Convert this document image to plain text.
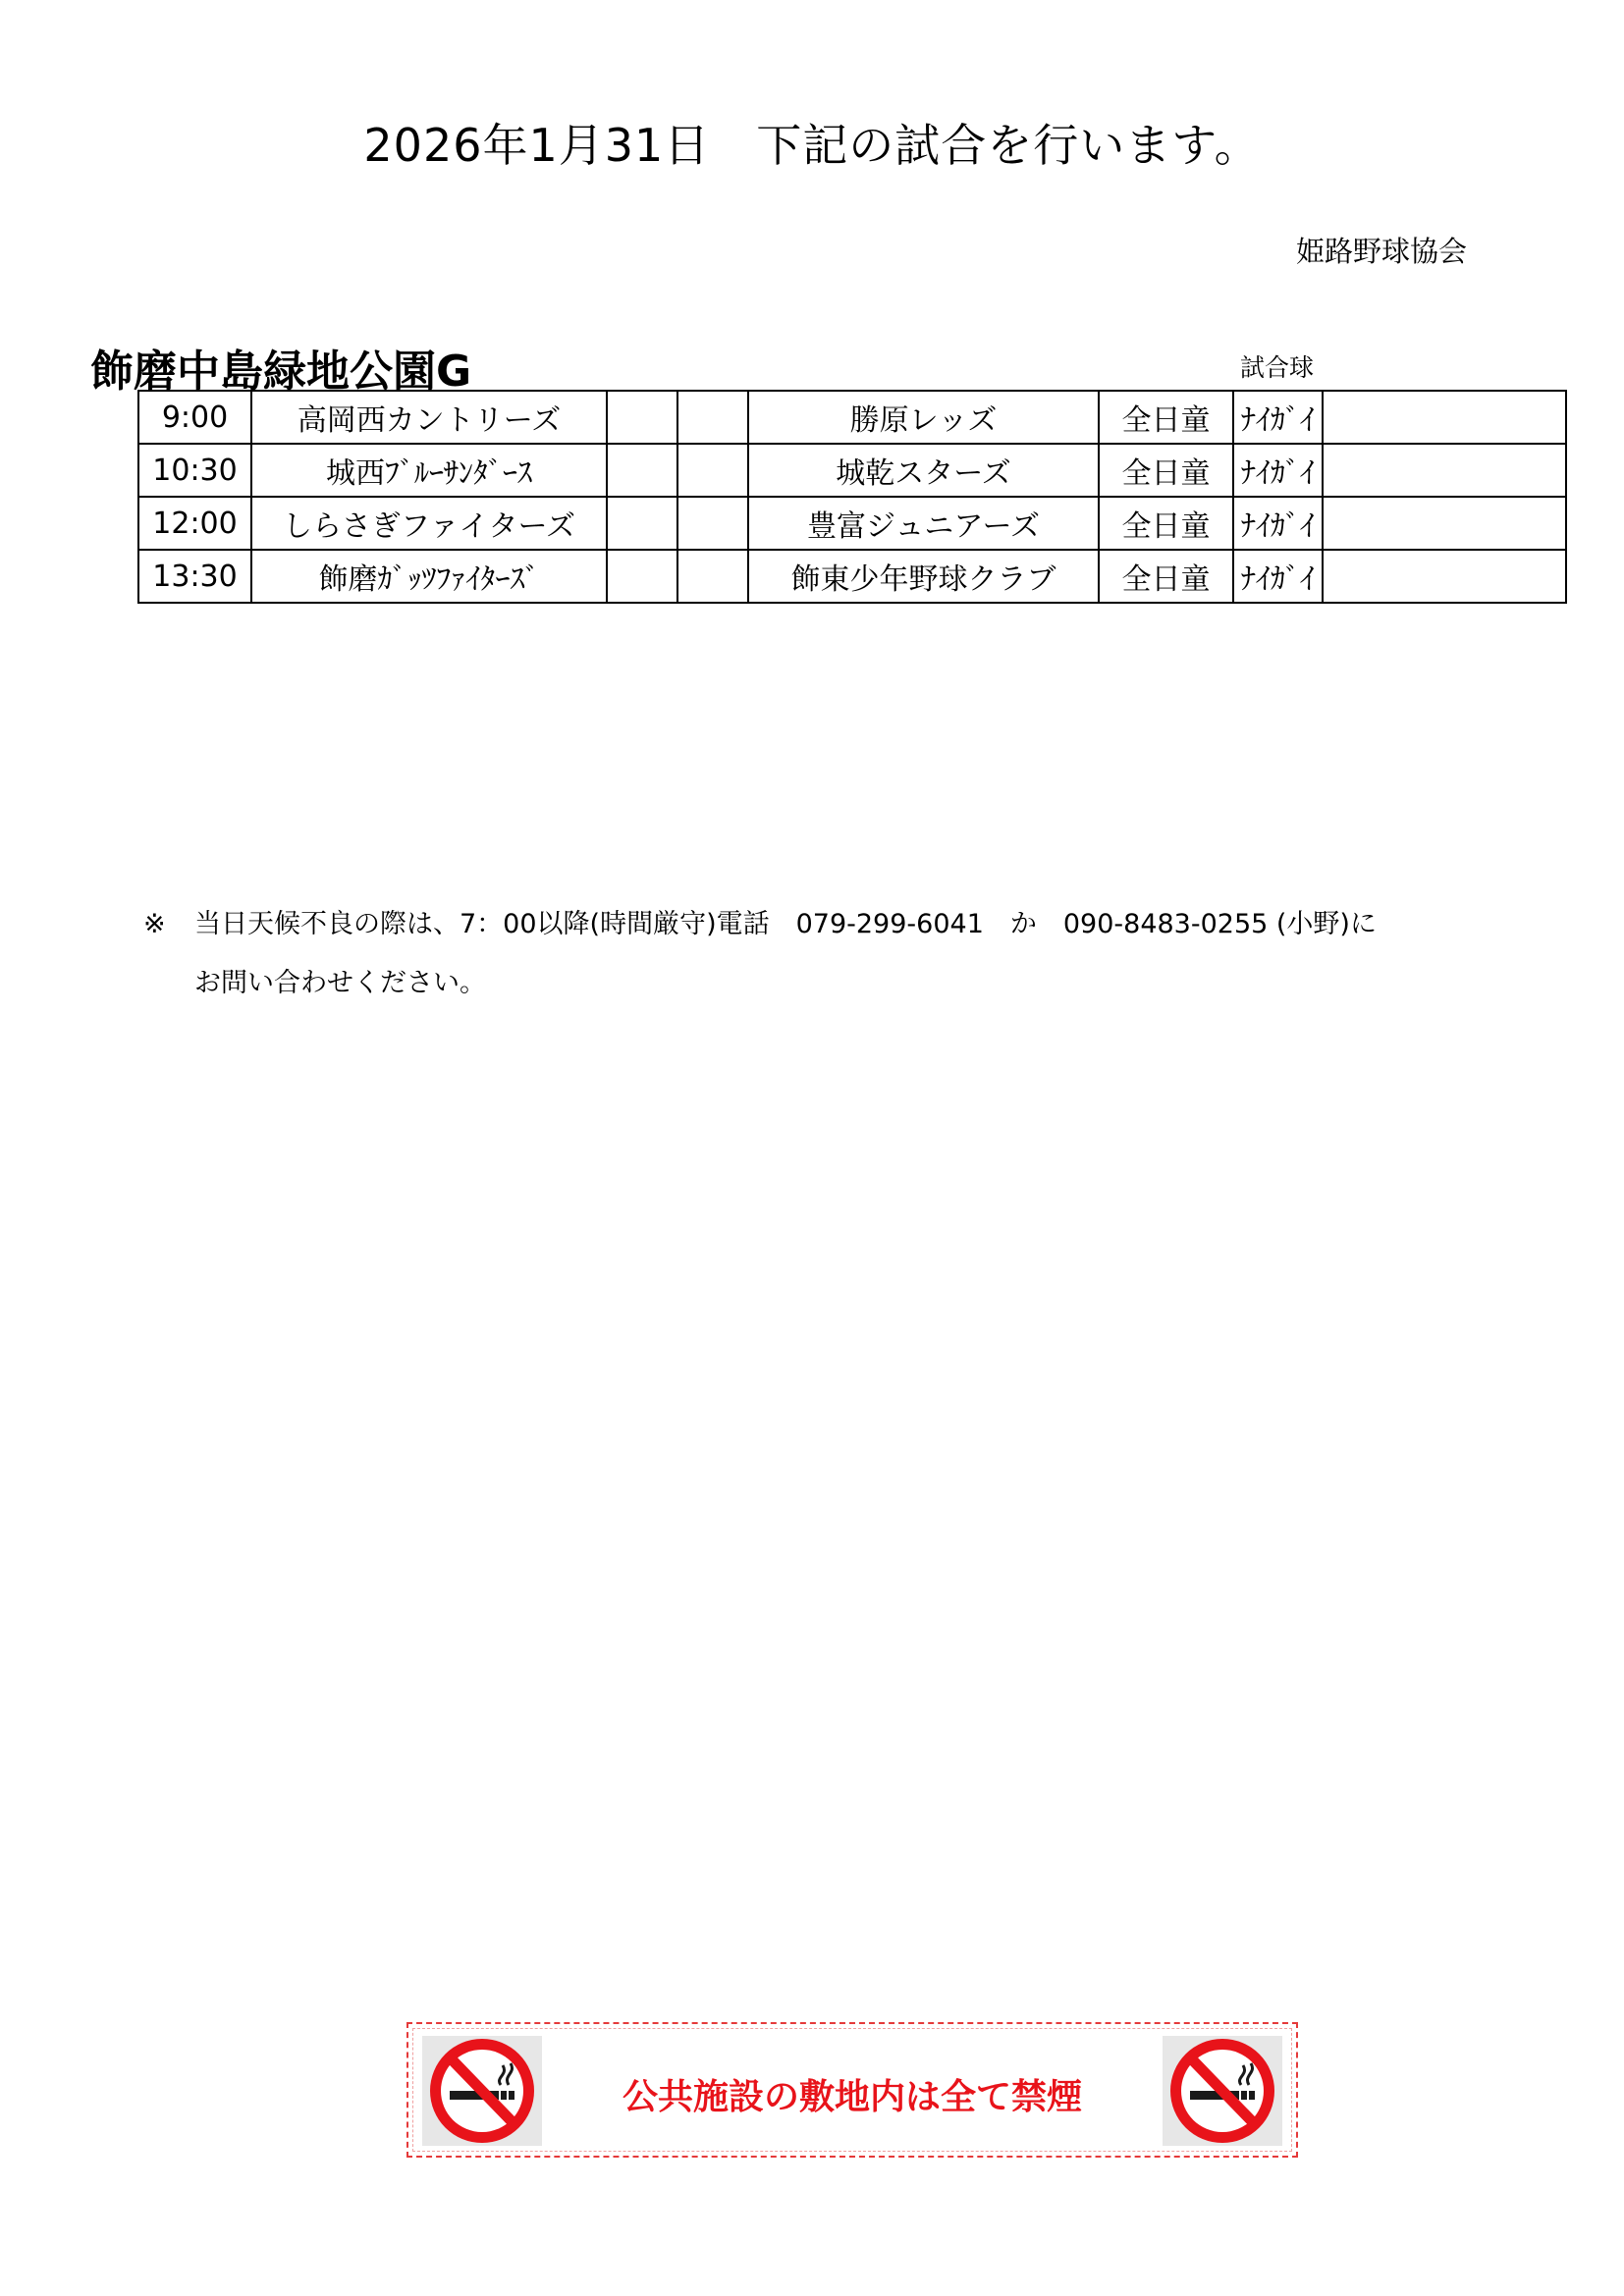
2026年1月31日　下記の試合を行います。
姫路野球協会
飾磨中島緑地公園G	試合球
9:00	高岡西カントリーズ			勝原レッズ	全日童	ﾅｲｶﾞｲ	
10:30	城西ﾌﾞﾙｰｻﾝﾀﾞｰｽ			城乾スターズ	全日童	ﾅｲｶﾞｲ	
12:00	しらさぎファイターズ			豊富ジュニアーズ	全日童	ﾅｲｶﾞｲ	
13:30	飾磨ｶﾞｯﾂﾌｧｲﾀｰｽﾞ			飾東少年野球クラブ	全日童	ﾅｲｶﾞｲ	
※ 当日天候不良の際は、7：00以降(時間厳守)電話　079-299-6041　か　090-8483-0255 (小野)に
お問い合わせください。
公共施設の敷地内は全て禁煙
